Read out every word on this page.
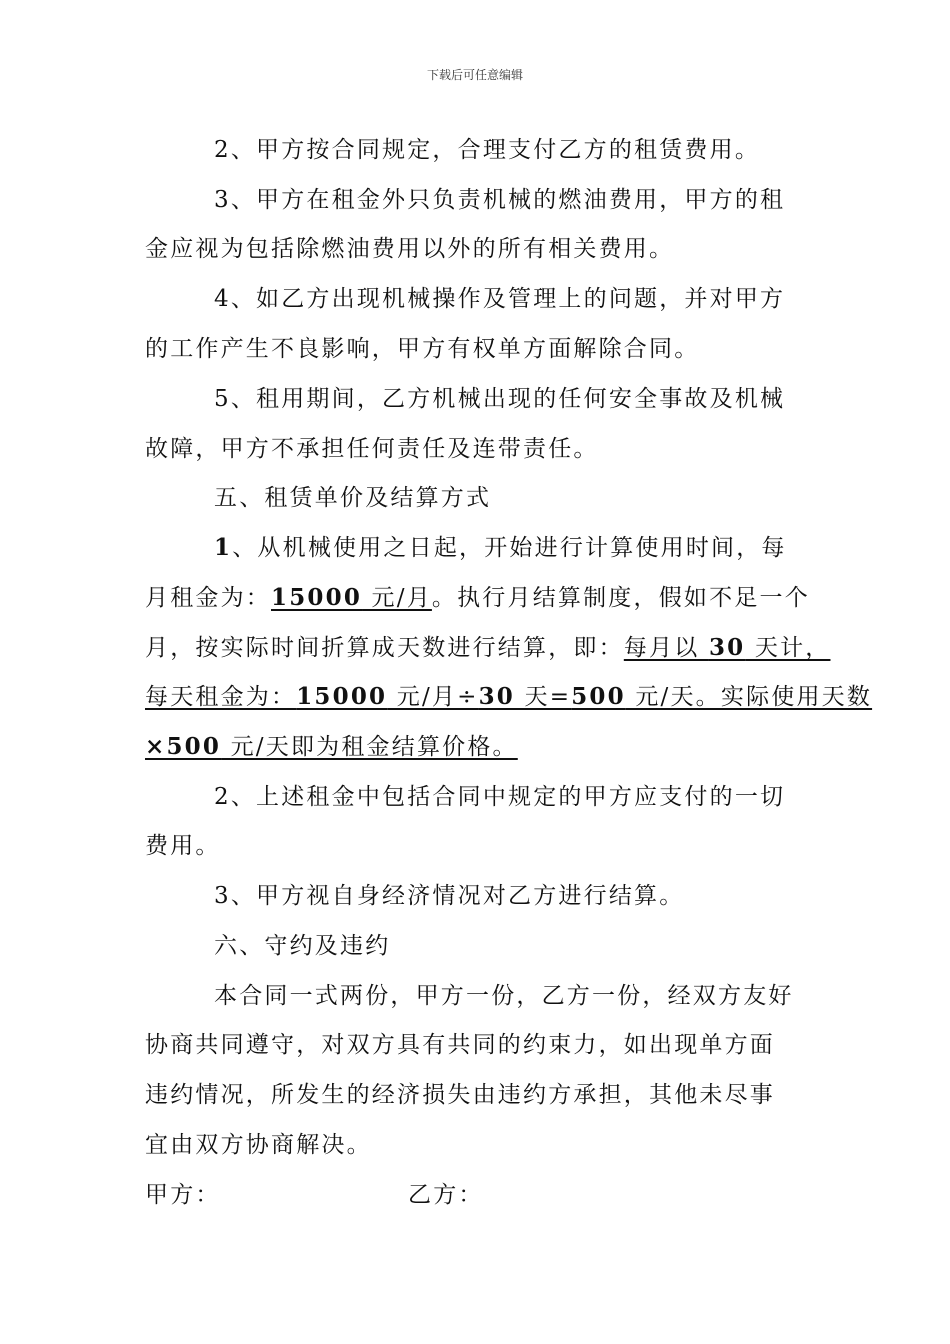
下载后可任意编辑
2、甲方按合同规定，合理支付乙方的租赁费用。
3、甲方在租金外只负责机械的燃油费用，甲方的租
金应视为包括除燃油费用以外的所有相关费用。
4、如乙方出现机械操作及管理上的问题，并对甲方
的工作产生不良影响，甲方有权单方面解除合同。
5、租用期间，乙方机械出现的任何安全事故及机械
故障，甲方不承担任何责任及连带责任。
五、租赁单价及结算方式
1、从机械使用之日起，开始进行计算使用时间，每
月租金为：15000 元/月。执行月结算制度，假如不足一个
月，按实际时间折算成天数进行结算，即：每月以 30 天计，
每天租金为：15000 元/月÷30 天=500 元/天。实际使用天数
×500 元/天即为租金结算价格。
2、上述租金中包括合同中规定的甲方应支付的一切
费用。
3、甲方视自身经济情况对乙方进行结算。
六、守约及违约
本合同一式两份，甲方一份，乙方一份，经双方友好
协商共同遵守，对双方具有共同的约束力，如出现单方面
违约情况，所发生的经济损失由违约方承担，其他未尽事
宜由双方协商解决。
甲方：	乙方：
